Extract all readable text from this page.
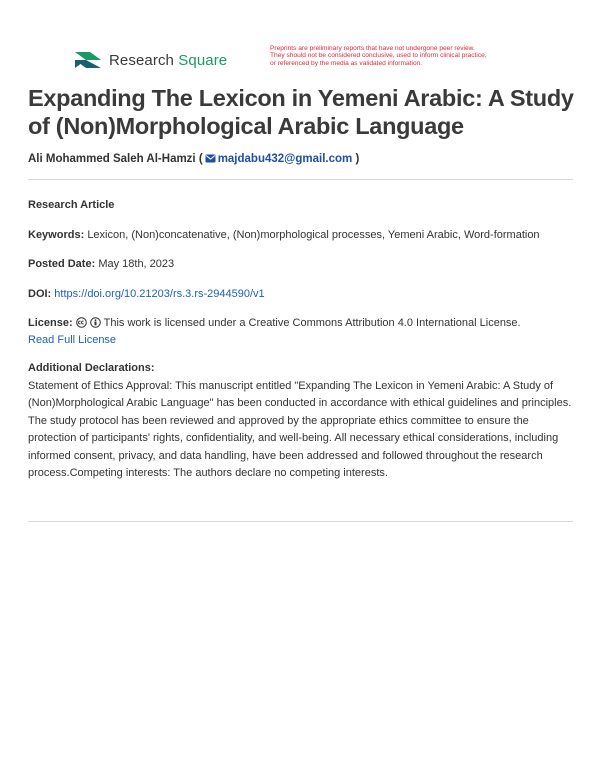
Research Square
Preprints are preliminary reports that have not undergone peer review.
They should not be considered conclusive, used to inform clinical practice,
or referenced by the media as validated information.
Expanding The Lexicon in Yemeni Arabic: A Study of (Non)Morphological Arabic Language
Ali Mohammed Saleh Al-Hamzi ( majdabu432@gmail.com )
Research Article
Keywords: Lexicon, (Non)concatenative, (Non)morphological processes, Yemeni Arabic, Word-formation
Posted Date: May 18th, 2023
DOI: https://doi.org/10.21203/rs.3.rs-2944590/v1
License:	This work is licensed under a Creative Commons Attribution 4.0 International License.
Read Full License
Additional Declarations:

Statement of Ethics Approval: This manuscript entitled "Expanding The Lexicon in Yemeni Arabic: A Study of (Non)Morphological Arabic Language" has been conducted in accordance with ethical guidelines and principles. The study protocol has been reviewed and approved by the appropriate ethics committee to ensure the protection of participants' rights, confidentiality, and well-being. All necessary ethical considerations, including informed consent, privacy, and data handling, have been addressed and followed throughout the research process.Competing interests: The authors declare no competing interests.
